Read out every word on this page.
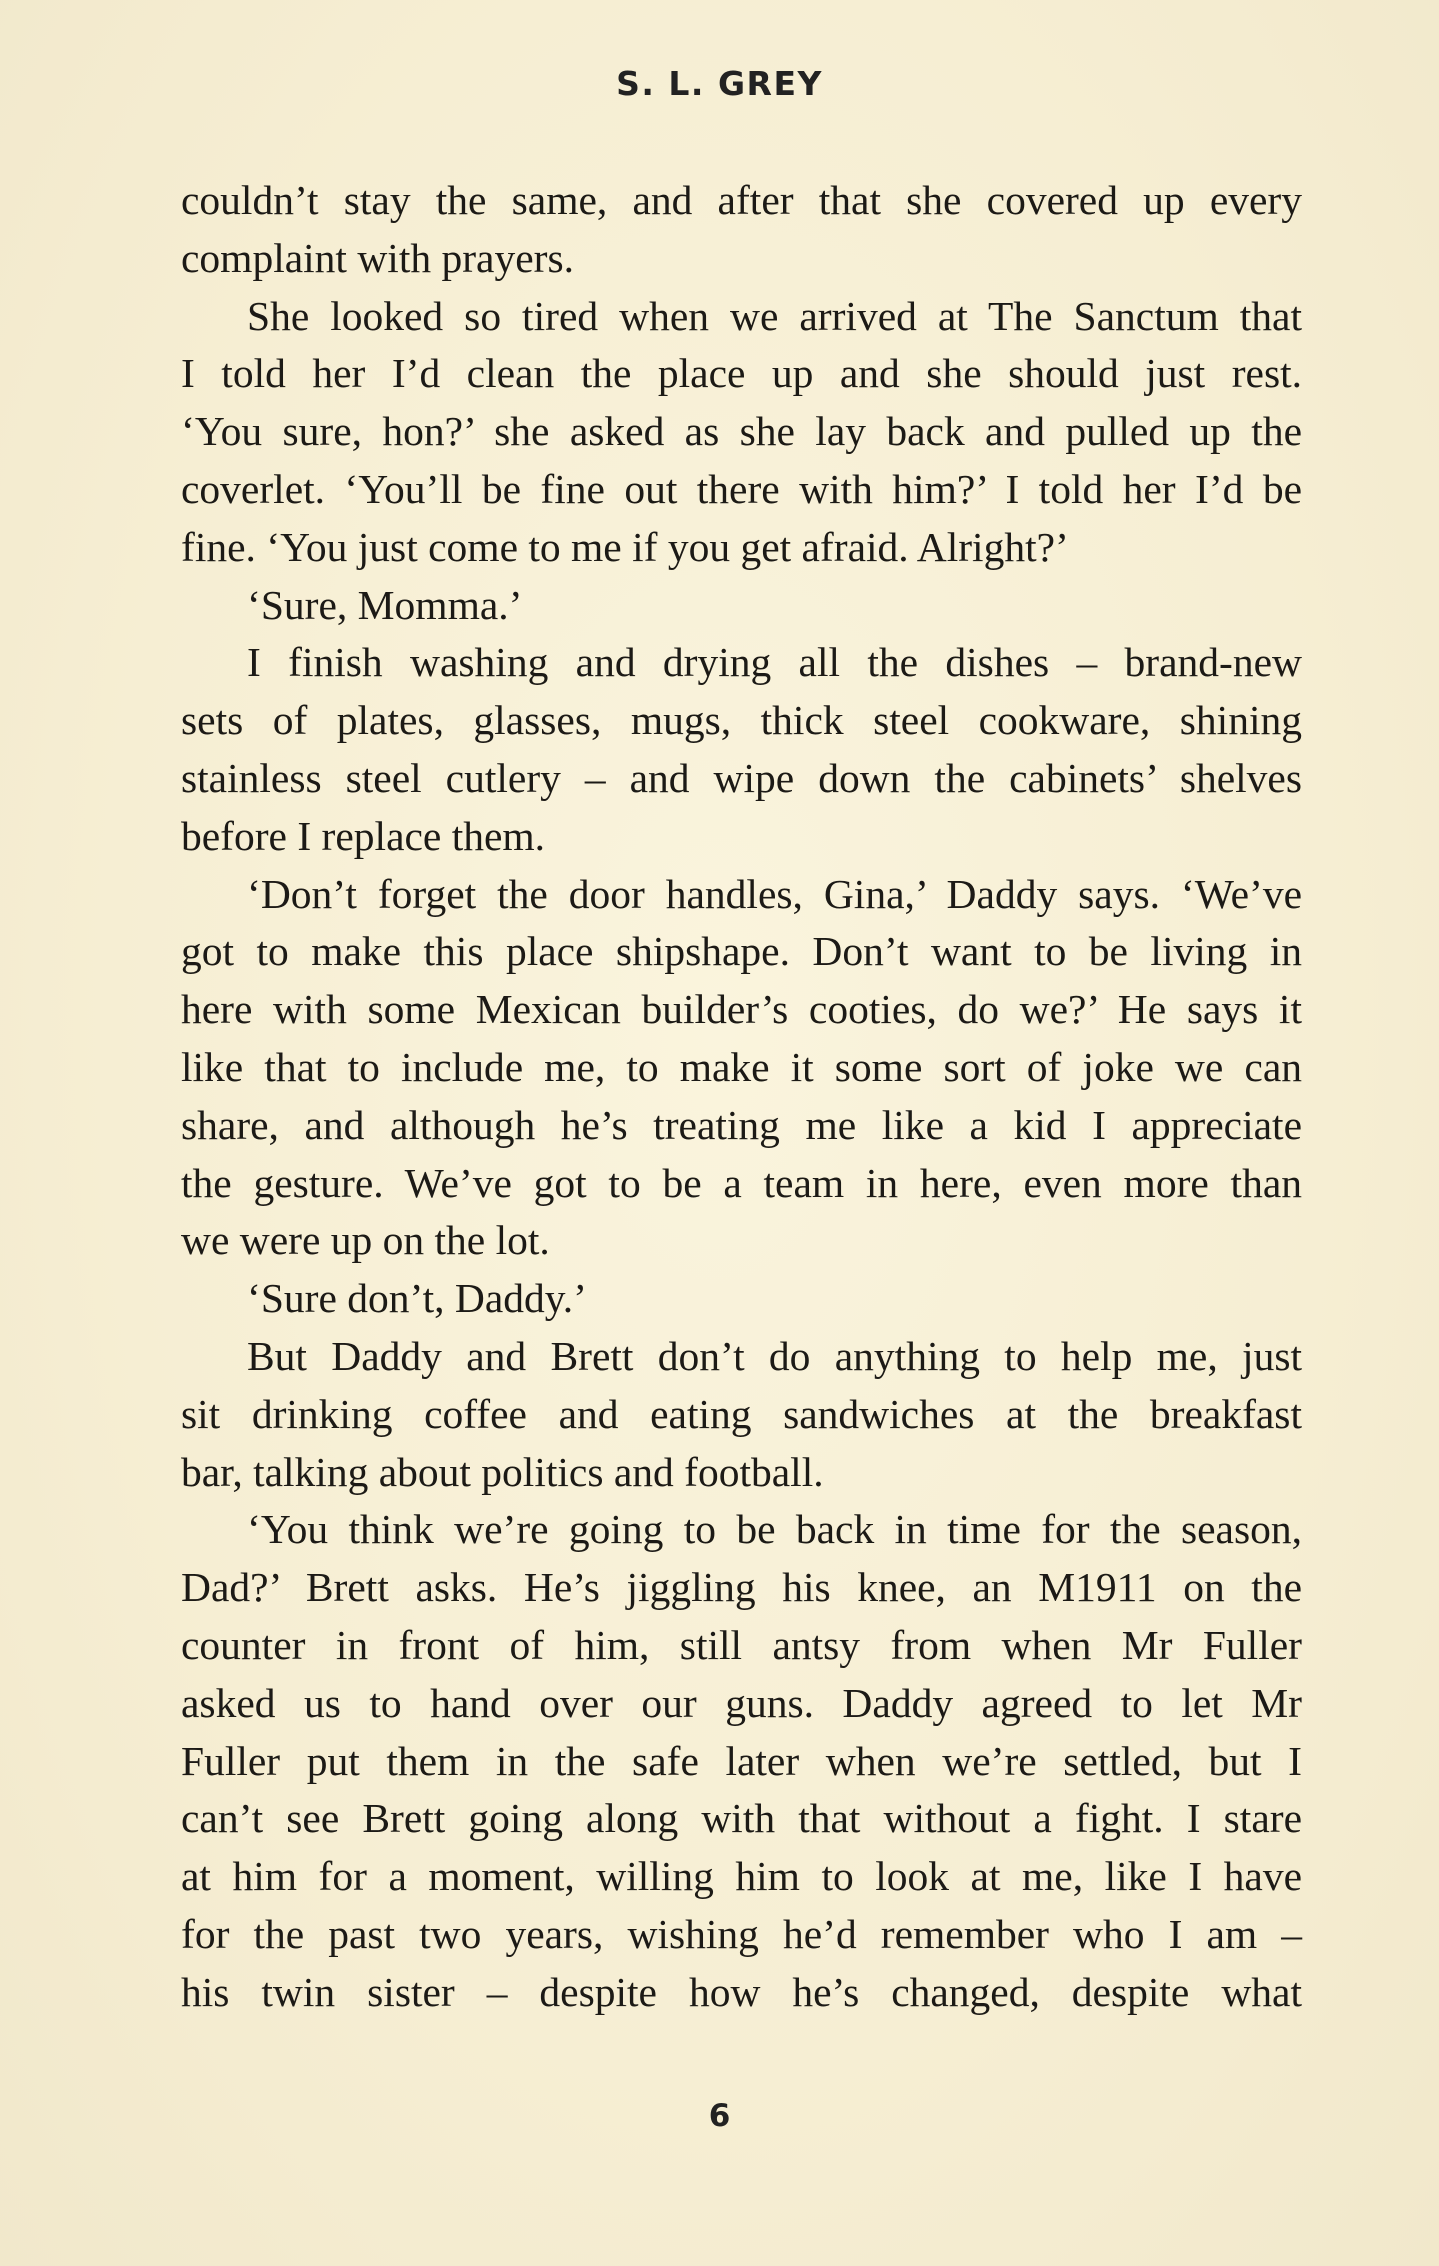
S. L. GREY

couldn’t stay the same, and after that she covered up every
complaint with prayers.

She looked so tired when we arrived at The Sanctum that
I told her I’d clean the place up and she should just rest.
‘You sure, hon?’ she asked as she lay back and pulled up the
coverlet. ‘You’ll be fine out there with him?’ I told her I’d be
fine. ‘You just come to me if you get afraid. Alright?’

‘Sure, Momma.’

I finish washing and drying all the dishes – brand-new
sets of plates, glasses, mugs, thick steel cookware, shining
stainless steel cutlery – and wipe down the cabinets’ shelves
before I replace them.

‘Don’t forget the door handles, Gina,’ Daddy says. ‘We’ve
got to make this place shipshape. Don’t want to be living in
here with some Mexican builder’s cooties, do we?’ He says it
like that to include me, to make it some sort of joke we can
share, and although he’s treating me like a kid I appreciate
the gesture. We’ve got to be a team in here, even more than
we were up on the lot.

‘Sure don’t, Daddy.’

But Daddy and Brett don’t do anything to help me, just
sit drinking coffee and eating sandwiches at the breakfast
bar, talking about politics and football.

‘You think we’re going to be back in time for the season,
Dad?’ Brett asks. He’s jiggling his knee, an M1911 on the
counter in front of him, still antsy from when Mr Fuller
asked us to hand over our guns. Daddy agreed to let Mr
Fuller put them in the safe later when we’re settled, but I
can’t see Brett going along with that without a fight. I stare
at him for a moment, willing him to look at me, like I have
for the past two years, wishing he’d remember who I am –
his twin sister – despite how he’s changed, despite what

6
